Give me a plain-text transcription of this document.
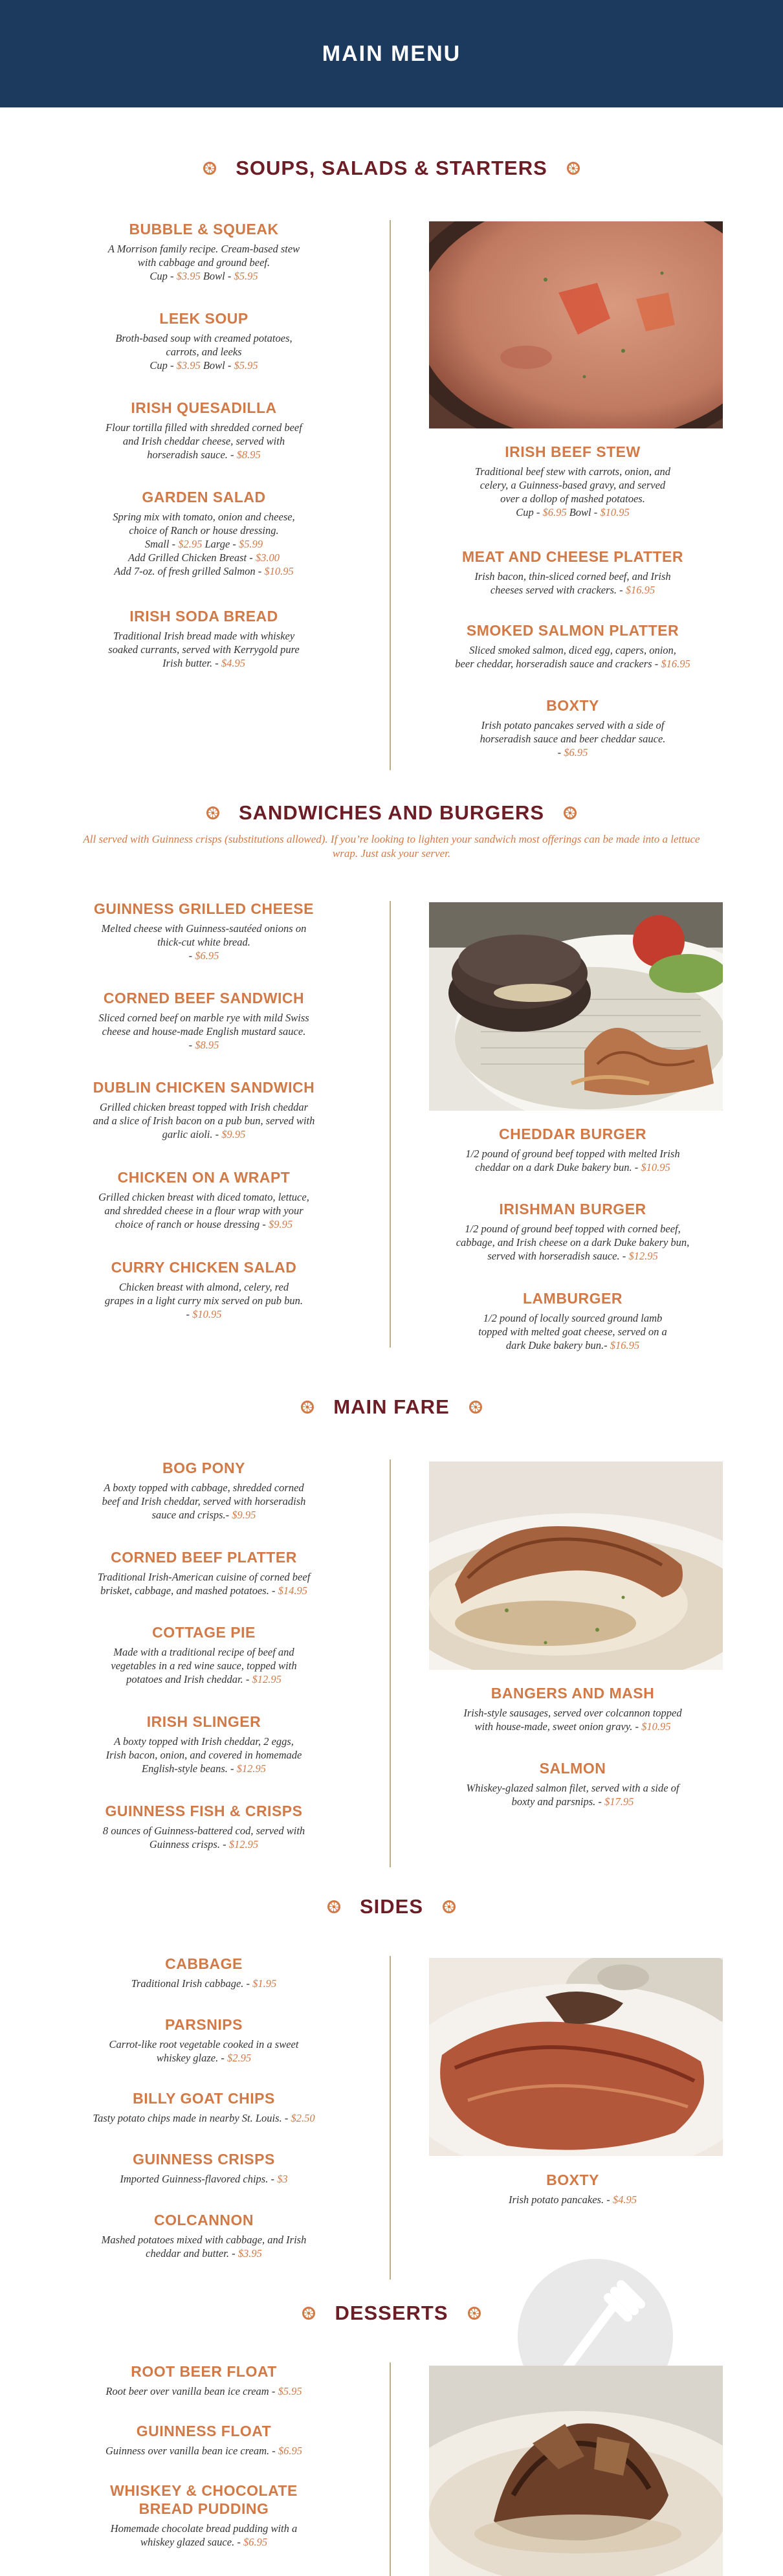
MAIN MENU
SOUPS, SALADS & STARTERS
BUBBLE & SQUEAK
A Morrison family recipe. Cream-based stew
with cabbage and ground beef.
Cup - $3.95 Bowl - $5.95
LEEK SOUP
Broth-based soup with creamed potatoes,
carrots, and leeks
Cup - $3.95 Bowl - $5.95
IRISH QUESADILLA
Flour tortilla filled with shredded corned beef
and Irish cheddar cheese, served with
horseradish sauce. - $8.95
GARDEN SALAD
Spring mix with tomato, onion and cheese,
choice of Ranch or house dressing.
Small - $2.95 Large - $5.99
Add Grilled Chicken Breast - $3.00
Add 7-oz. of fresh grilled Salmon - $10.95
IRISH SODA BREAD
Traditional Irish bread made with whiskey
soaked currants, served with Kerrygold pure
Irish butter. - $4.95
IRISH BEEF STEW
Traditional beef stew with carrots, onion, and
celery, a Guinness-based gravy, and served
over a dollop of mashed potatoes.
Cup - $6.95 Bowl - $10.95
MEAT AND CHEESE PLATTER
Irish bacon, thin-sliced corned beef, and Irish
cheeses served with crackers. - $16.95
SMOKED SALMON PLATTER
Sliced smoked salmon, diced egg, capers, onion,
beer cheddar, horseradish sauce and crackers - $16.95
BOXTY
Irish potato pancakes served with a side of
horseradish sauce and beer cheddar sauce.
- $6.95
SANDWICHES AND BURGERS
All served with Guinness crisps (substitutions allowed). If you’re looking to lighten your sandwich most offerings can be made into a lettuce
wrap. Just ask your server.
GUINNESS GRILLED CHEESE
Melted cheese with Guinness-sautéed onions on
thick-cut white bread.
- $6.95
CORNED BEEF SANDWICH
Sliced corned beef on marble rye with mild Swiss
cheese and house-made English mustard sauce.
- $8.95
DUBLIN CHICKEN SANDWICH
Grilled chicken breast topped with Irish cheddar
and a slice of Irish bacon on a pub bun, served with
garlic aioli. - $9.95
CHICKEN ON A WRAPT
Grilled chicken breast with diced tomato, lettuce,
and shredded cheese in a flour wrap with your
choice of ranch or house dressing - $9.95
CURRY CHICKEN SALAD
Chicken breast with almond, celery, red
grapes in a light curry mix served on pub bun.
- $10.95
CHEDDAR BURGER
1/2 pound of ground beef topped with melted Irish
cheddar on a dark Duke bakery bun. - $10.95
IRISHMAN BURGER
1/2 pound of ground beef topped with corned beef,
cabbage, and Irish cheese on a dark Duke bakery bun,
served with horseradish sauce. - $12.95
LAMBURGER
1/2 pound of locally sourced ground lamb
topped with melted goat cheese, served on a
dark Duke bakery bun.- $16.95
MAIN FARE
BOG PONY
A boxty topped with cabbage, shredded corned
beef and Irish cheddar, served with horseradish
sauce and crisps.- $9.95
CORNED BEEF PLATTER
Traditional Irish-American cuisine of corned beef
brisket, cabbage, and mashed potatoes. - $14.95
COTTAGE PIE
Made with a traditional recipe of beef and
vegetables in a red wine sauce, topped with
potatoes and Irish cheddar. - $12.95
IRISH SLINGER
A boxty topped with Irish cheddar, 2 eggs,
Irish bacon, onion, and covered in homemade
English-style beans. - $12.95
GUINNESS FISH & CRISPS
8 ounces of Guinness-battered cod, served with
Guinness crisps. - $12.95
BANGERS AND MASH
Irish-style sausages, served over colcannon topped
with house-made, sweet onion gravy. - $10.95
SALMON
Whiskey-glazed salmon filet, served with a side of
boxty and parsnips. - $17.95
SIDES
CABBAGE
Traditional Irish cabbage. - $1.95
PARSNIPS
Carrot-like root vegetable cooked in a sweet
whiskey glaze. - $2.95
BILLY GOAT CHIPS
Tasty potato chips made in nearby St. Louis. - $2.50
GUINNESS CRISPS
Imported Guinness-flavored chips. - $3
COLCANNON
Mashed potatoes mixed with cabbage, and Irish
cheddar and butter. - $3.95
BOXTY
Irish potato pancakes. - $4.95
DESSERTS
ROOT BEER FLOAT
Root beer over vanilla bean ice cream - $5.95
GUINNESS FLOAT
Guinness over vanilla bean ice cream. - $6.95
WHISKEY & CHOCOLATE
BREAD PUDDING
Homemade chocolate bread pudding with a
whiskey glazed sauce. - $6.95
